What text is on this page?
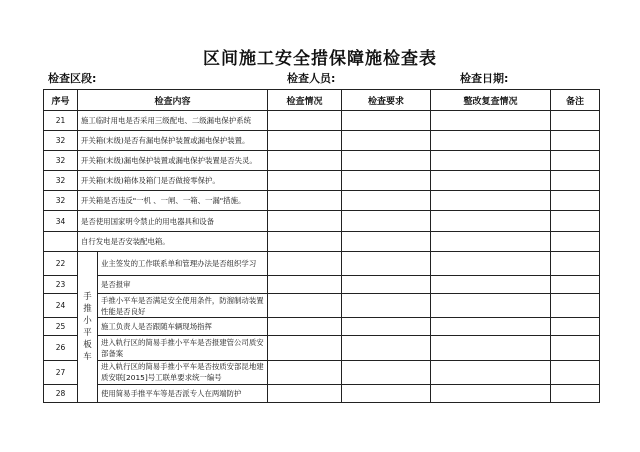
区间施工安全措保障施检查表
检查区段:	检查人员:	检查日期:
序号	检查内容		检查情况	检查要求	整改复查情况	备注
21	施工临时用电是否采用三级配电、二级漏电保护系统					
32	开关箱(末级)是否有漏电保护装置或漏电保护装置。					
32	开关箱(末级)漏电保护装置或漏电保护装置是否失灵。					
32	开关箱(末级)箱体及箱门是否做接零保护。					
32	开关箱是否违反"一机 、一闸、一箱、一漏"措施。					
34	是否使用国家明令禁止的用电器具和设备					
	自行发电是否安装配电箱。					
22	手推小平板车	业主签发的工作联系单和管理办法是否组织学习				
23		是否报审				
24		手推小平车是否满足安全使用条件，防溜制动装置性能是否良好				
25		施工负责人是否跟随车辆现场指挥				
26		进入轨行区的简易手推小平车是否报建管公司质安部备案				
27		进入轨行区的简易手推小平车是否按质安部昆地建质安联[2015]号工联单要求统一编号				
28		使用简易手推平车等是否派专人在两端防护				
